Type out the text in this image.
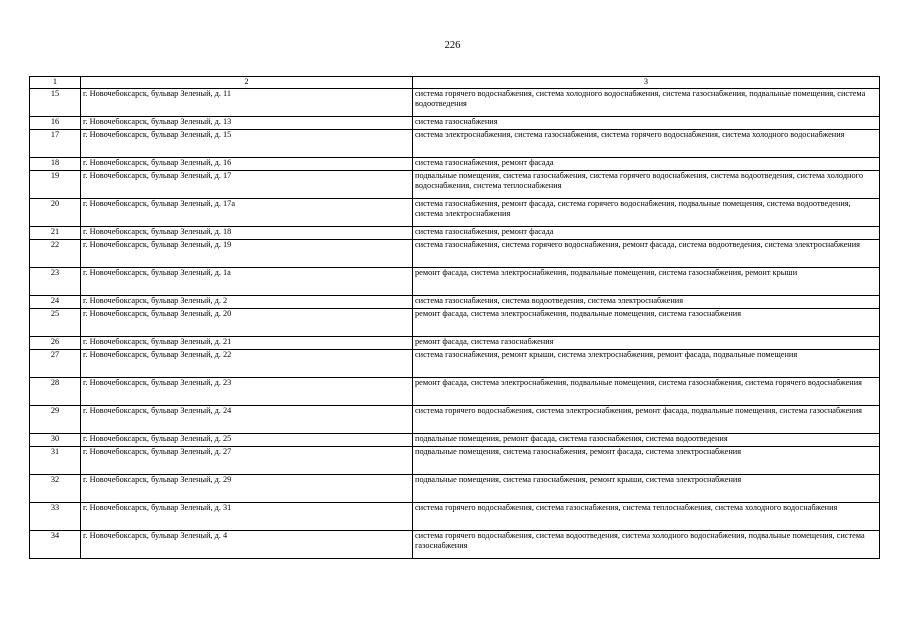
226
1	2	3
15	г. Новочебоксарск, бульвар Зеленый, д. 11	система горячего водоснабжения, система холодного водоснабжения, система газоснабжения, подвальные помещения, система водоотведения
16	г. Новочебоксарск, бульвар Зеленый, д. 13	система газоснабжения
17	г. Новочебоксарск, бульвар Зеленый, д. 15	система электроснабжения, система газоснабжения, система горячего водоснабжения, система холодного водоснабжения
18	г. Новочебоксарск, бульвар Зеленый, д. 16	система газоснабжения, ремонт фасада
19	г. Новочебоксарск, бульвар Зеленый, д. 17	подвальные помещения, система газоснабжения, система горячего водоснабжения, система водоотведения, система холодного водоснабжения, система теплоснабжения
20	г. Новочебоксарск, бульвар Зеленый, д. 17а	система газоснабжения, ремонт фасада, система горячего водоснабжения, подвальные помещения, система водоотведения, система электроснабжения
21	г. Новочебоксарск, бульвар Зеленый, д. 18	система газоснабжения, ремонт фасада
22	г. Новочебоксарск, бульвар Зеленый, д. 19	система газоснабжения, система горячего водоснабжения, ремонт фасада, система водоотведения, система электроснабжения
23	г. Новочебоксарск, бульвар Зеленый, д. 1а	ремонт фасада, система электроснабжения, подвальные помещения, система газоснабжения, ремонт крыши
24	г. Новочебоксарск, бульвар Зеленый, д. 2	система газоснабжения, система водоотведения, система электроснабжения
25	г. Новочебоксарск, бульвар Зеленый, д. 20	ремонт фасада, система электроснабжения, подвальные помещения, система газоснабжения
26	г. Новочебоксарск, бульвар Зеленый, д. 21	ремонт фасада, система газоснабжения
27	г. Новочебоксарск, бульвар Зеленый, д. 22	система газоснабжения, ремонт крыши, система электроснабжения, ремонт фасада, подвальные помещения
28	г. Новочебоксарск, бульвар Зеленый, д. 23	ремонт фасада, система электроснабжения, подвальные помещения, система газоснабжения, система горячего водоснабжения
29	г. Новочебоксарск, бульвар Зеленый, д. 24	система горячего водоснабжения, система электроснабжения, ремонт фасада, подвальные помещения, система газоснабжения
30	г. Новочебоксарск, бульвар Зеленый, д. 25	подвальные помещения, ремонт фасада, система газоснабжения, система водоотведения
31	г. Новочебоксарск, бульвар Зеленый, д. 27	подвальные помещения, система газоснабжения, ремонт фасада, система электроснабжения
32	г. Новочебоксарск, бульвар Зеленый, д. 29	подвальные помещения, система газоснабжения, ремонт крыши, система электроснабжения
33	г. Новочебоксарск, бульвар Зеленый, д. 31	система горячего водоснабжения, система газоснабжения, система теплоснабжения, система холодного водоснабжения
34	г. Новочебоксарск, бульвар Зеленый, д. 4	система горячего водоснабжения, система водоотведения, система холодного водоснабжения, подвальные помещения, система газоснабжения
